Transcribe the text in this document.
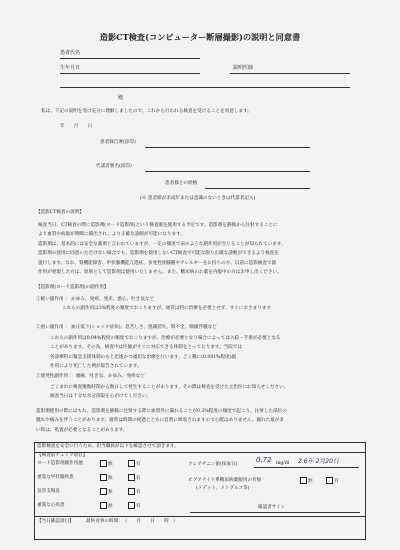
造影CT検査(コンピューター断層撮影)の説明と同意書
患者氏名
生年月日	説明医師
殿
私は、下記の説明を受け充分に理解しましたので、これから行われる検査を受けることを同意します。
年　　月　　日
患者様自署(捺印)
代諾者署名(捺印)
患者様との続柄
(※ 患者様が未成年または意識のないときは代諾者記入)
【造影CT検査の説明】
検査当日、CT検査の際に造影剤(ヨード造影剤)という検査薬を使用する予定です。造影剤を静脈から注射することに
より血管や病巣が明瞭に描出され、より正確な診断が可能になります。
造影剤は、基本的には安全な薬剤と言われていますが、一定の頻度で表のような副作用が生じることが知られています。
造影剤の使用に同意いただけない場合でも、造影剤を使用しないCT検査で可能な限り正確な診断ができるよう検査を
施行します。なお、腎機能障害、甲状腺機能亢進症、多発性骨髄腫やアレルギーをお持ちの方、以前に造影検査で副
作用が発現した方は、原則として造影剤は使用いたしません。また、糖尿病のお薬を内服中の方はお申し出ください。
【造影剤(ヨード造影剤)の副作用】
①軽い副作用 ： かゆみ、発疹、発赤、悪心、吐き気など
これらの副作用は3%程度の頻度でおこりますが、通常は特に治療を必要とせず、すぐにおさまります
②重い副作用 ： 血圧低下(ショック症状)、息苦しさ、意識消失、腎不全、咽頭浮腫など
これらの副作用は0.04%程度の頻度でおこりますが、治療が必要となり場合によっては入院・手術が必要となる
ことがあります。その為、検査中は医師がすぐに対応できる体制をとっております。当院では
各診療科の緊急支援体制のもと迅速かつ適切な治療を行います。ごく稀に(0.001%程度)副
作用により死亡した例が報告されています。
③遅発性副作用 ： 頭痛、吐き気、かゆみ、発疹など
ごくまれに検査後数時間から数日して発生することがあります。その際は検査を受けた主治医にお知らせください。
検査当日は十分な水分摂取を心がけてください。
造影剤使用の際にはもれ、造影剤を静脈に注射する際に血管外に漏れることが0.3%程度の頻度で起こり、注射した部位の
腫れや痛みを伴うことがあります。通常は時間の経過とともに自然に吸収されますので心配はありません。漏れた量が多
い時は、処置が必要となることがあります。
造影検査を安全に行うため、担当職員が以下を確認させて頂きます。
【検査前チェック項目】
ヨード造影剤副作用歴	無	有
重篤な甲状腺疾患	無	有
気管支喘息	無	有
重篤な心疾患	無	有
クレアチニン値(採血日)
0.72 mg/dl 2.6年 2月20日
ビグアナイド系糖尿病薬服用の有無
(メデット、メトグルコ等)
無	有
確認者サイン
【当日確認項目】	最終食事の時間：　（　　月　　日　　時　）
